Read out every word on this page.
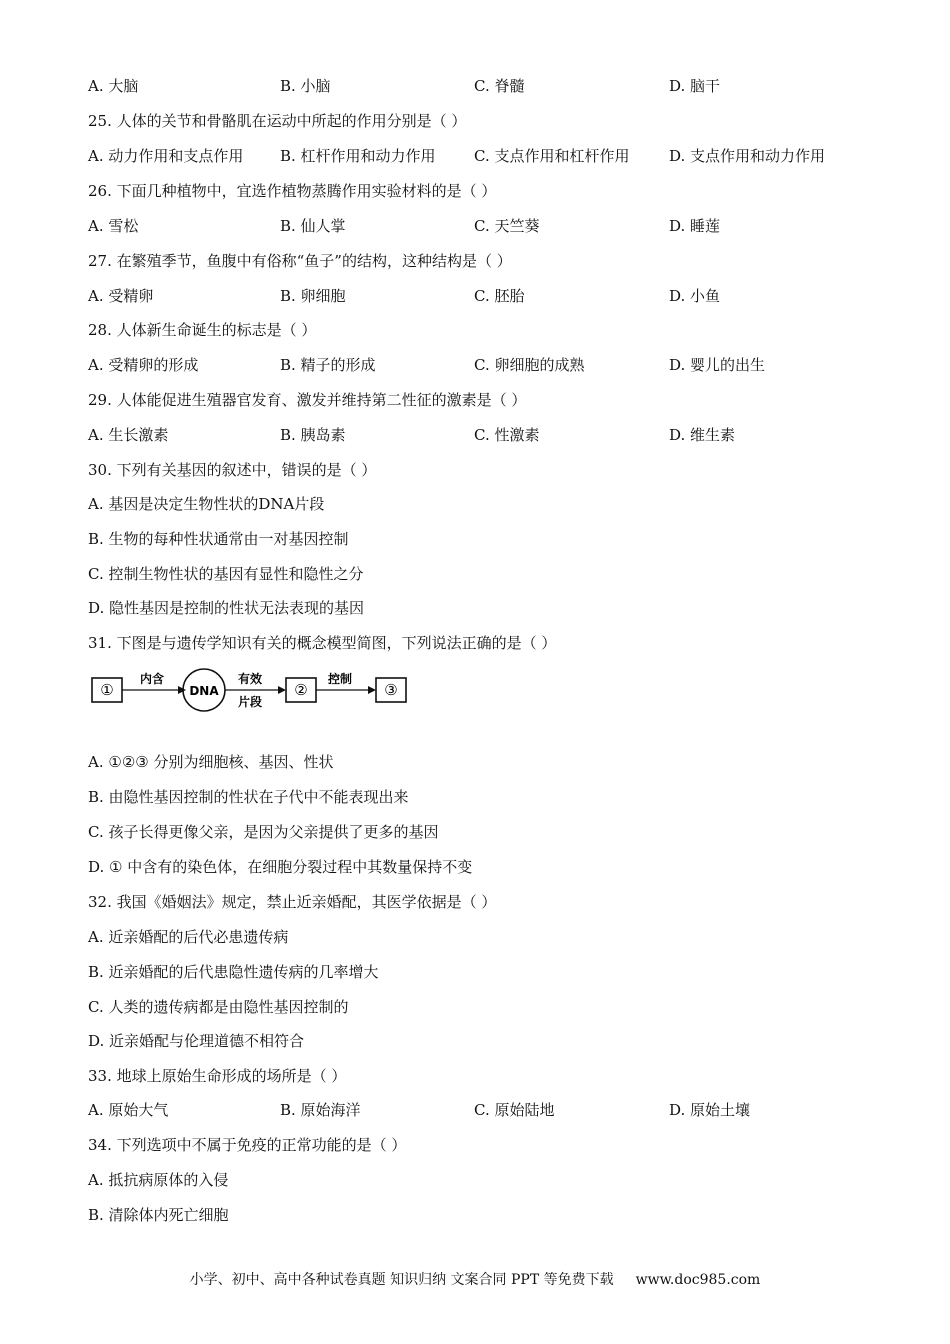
A. 大脑	B. 小脑	C. 脊髓	D. 脑干
25. 人体的关节和骨骼肌在运动中所起的作用分别是（ ）
A. 动力作用和支点作用 B. 杠杆作用和动力作用	C. 支点作用和杠杆作用	D. 支点作用和动力作用
26. 下面几种植物中，宜选作植物蒸腾作用实验材料的是（ ）
A. 雪松	B. 仙人掌	C. 天竺葵	D. 睡莲
27. 在繁殖季节，鱼腹中有俗称“鱼子”的结构，这种结构是（ ）
A. 受精卵	B. 卵细胞	C. 胚胎	D. 小鱼
28. 人体新生命诞生的标志是（ ）
A. 受精卵的形成	B. 精子的形成	C. 卵细胞的成熟	D. 婴儿的出生
29. 人体能促进生殖器官发育、激发并维持第二性征的激素是（ ）
A. 生长激素	B. 胰岛素	C. 性激素	D. 维生素
30. 下列有关基因的叙述中，错误的是（ ）
A. 基因是决定生物性状的DNA片段
B. 生物的每种性状通常由一对基因控制
C. 控制生物性状的基因有显性和隐性之分
D. 隐性基因是控制的性状无法表现的基因
31. 下图是与遗传学知识有关的概念模型简图，下列说法正确的是（ ）
A. ①②③ 分别为细胞核、基因、性状
B. 由隐性基因控制的性状在子代中不能表现出来
C. 孩子长得更像父亲，是因为父亲提供了更多的基因
D. ① 中含有的染色体，在细胞分裂过程中其数量保持不变
32. 我国《婚姻法》规定，禁止近亲婚配，其医学依据是（ ）
A. 近亲婚配的后代必患遗传病
B. 近亲婚配的后代患隐性遗传病的几率增大
C. 人类的遗传病都是由隐性基因控制的
D. 近亲婚配与伦理道德不相符合
33. 地球上原始生命形成的场所是（ ）
A. 原始大气	B. 原始海洋	C. 原始陆地	D. 原始土壤
34. 下列选项中不属于免疫的正常功能的是（ ）
A. 抵抗病原体的入侵
B. 清除体内死亡细胞
①
内含
DNA
有效
片段
②
控制
③
小学、初中、高中各种试卷真题 知识归纳 文案合同 PPT 等免费下载 www.doc985.com
